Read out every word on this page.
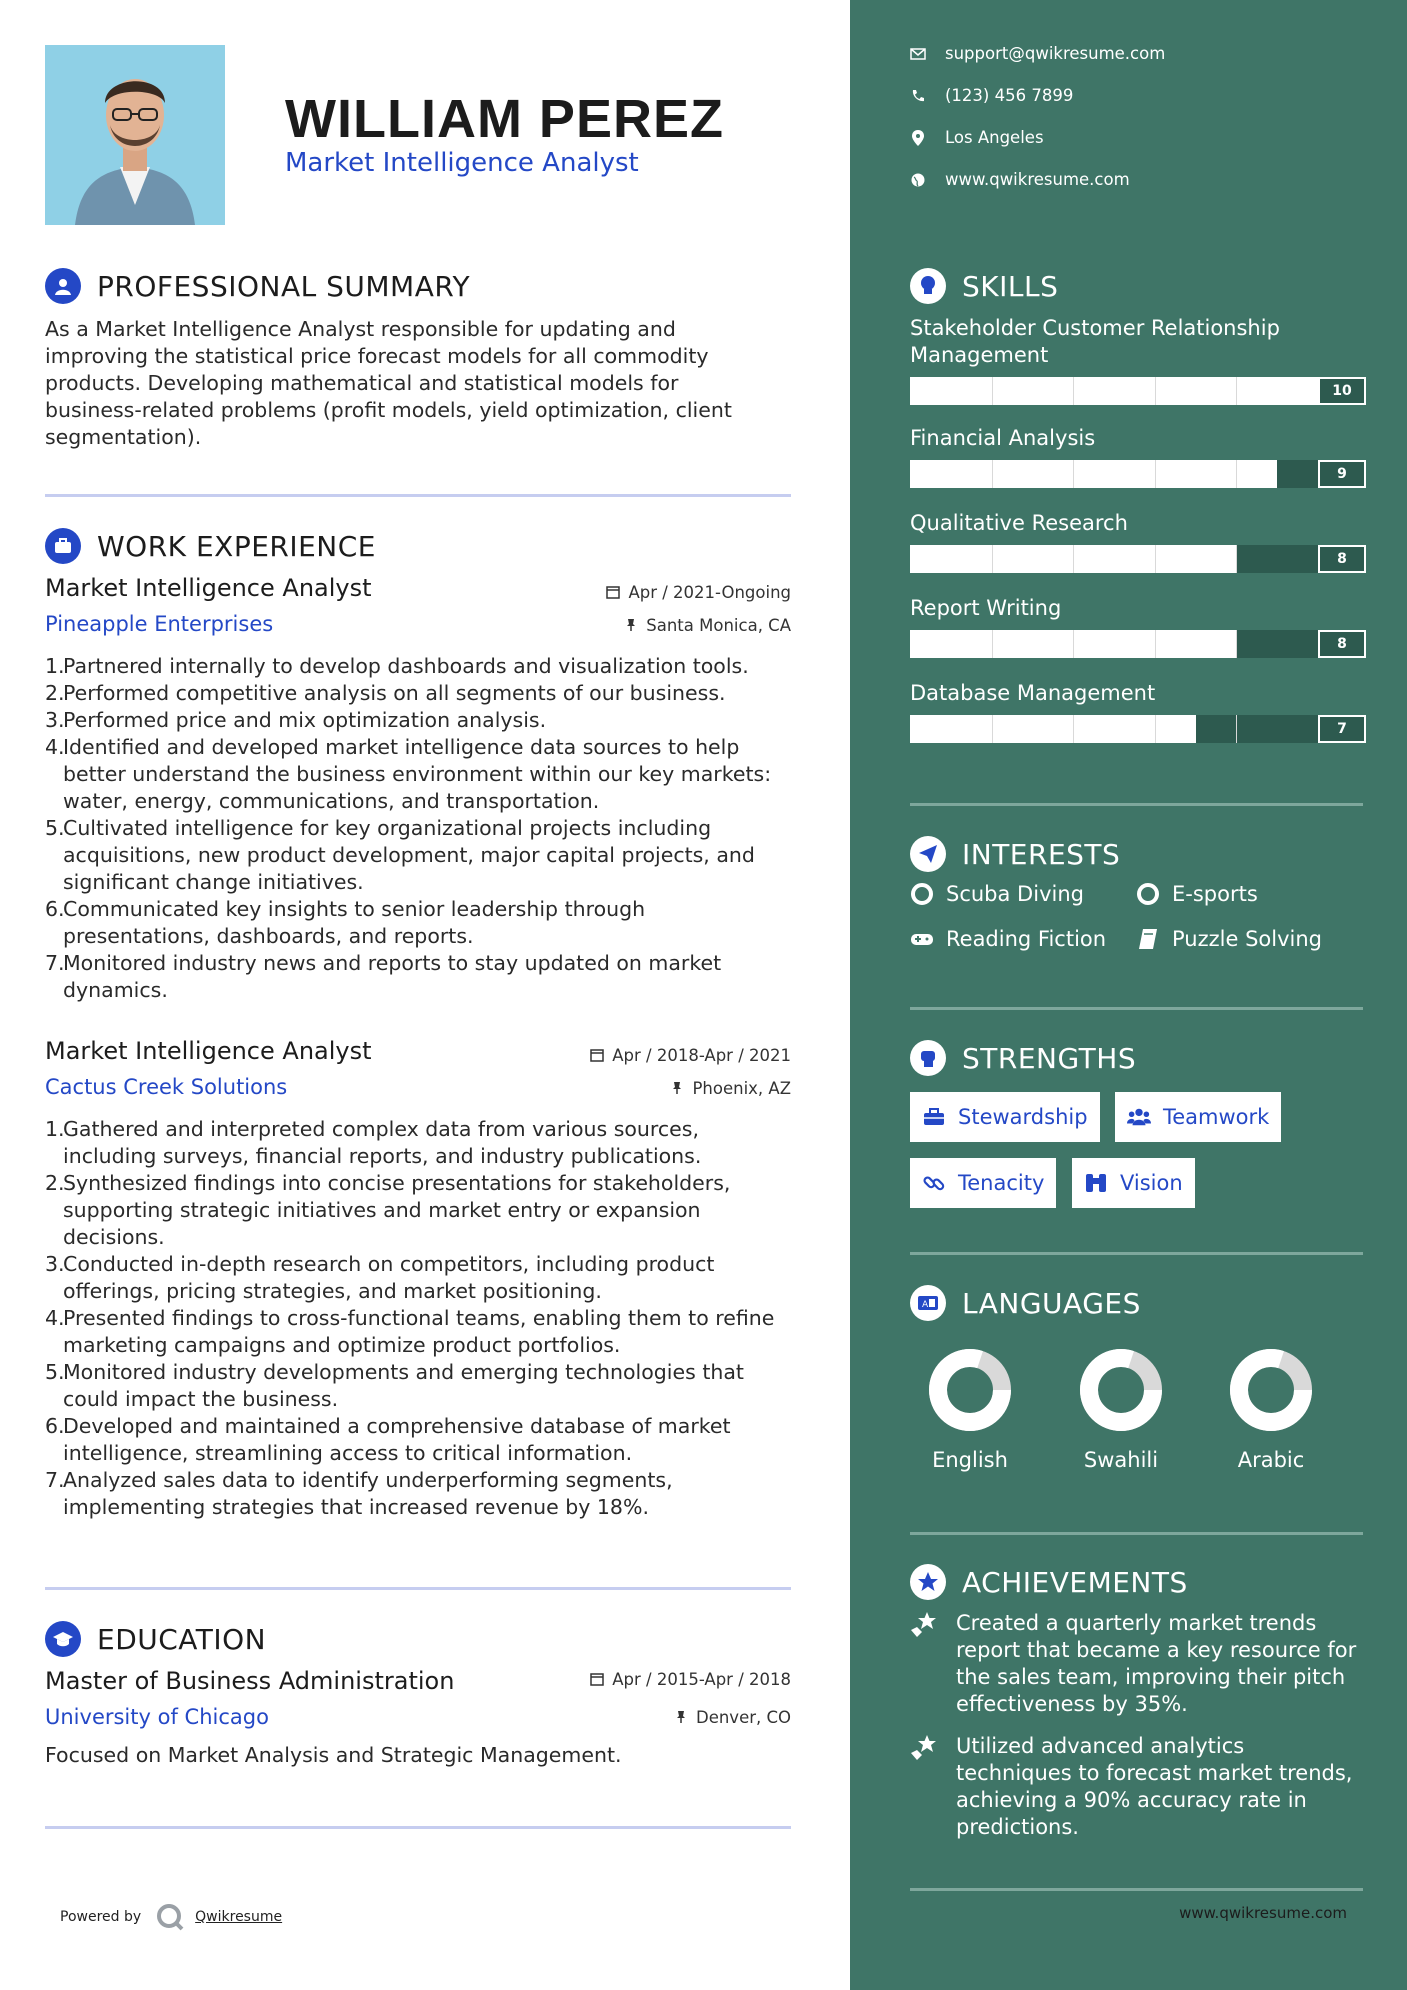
WILLIAM PEREZ
Market Intelligence Analyst
PROFESSIONAL SUMMARY
As a Market Intelligence Analyst responsible for updating and
improving the statistical price forecast models for all commodity
products. Developing mathematical and statistical models for
business-related problems (profit models, yield optimization, client
segmentation).
WORK EXPERIENCE
Market Intelligence Analyst	Apr / 2021-Ongoing
Pineapple Enterprises	Santa Monica, CA
1.
Partnered internally to develop dashboards and visualization tools.
2.
Performed competitive analysis on all segments of our business.
3.
Performed price and mix optimization analysis.
4.
Identified and developed market intelligence data sources to help
better understand the business environment within our key markets:
water, energy, communications, and transportation.
5.
Cultivated intelligence for key organizational projects including
acquisitions, new product development, major capital projects, and
significant change initiatives.
6.
Communicated key insights to senior leadership through
presentations, dashboards, and reports.
7.
Monitored industry news and reports to stay updated on market
dynamics.
Market Intelligence Analyst	Apr / 2018-Apr / 2021
Cactus Creek Solutions	Phoenix, AZ
1.
Gathered and interpreted complex data from various sources,
including surveys, financial reports, and industry publications.
2.
Synthesized findings into concise presentations for stakeholders,
supporting strategic initiatives and market entry or expansion
decisions.
3.
Conducted in-depth research on competitors, including product
offerings, pricing strategies, and market positioning.
4.
Presented findings to cross-functional teams, enabling them to refine
marketing campaigns and optimize product portfolios.
5.
Monitored industry developments and emerging technologies that
could impact the business.
6.
Developed and maintained a comprehensive database of market
intelligence, streamlining access to critical information.
7.
Analyzed sales data to identify underperforming segments,
implementing strategies that increased revenue by 18%.
EDUCATION
Master of Business Administration	Apr / 2015-Apr / 2018
University of Chicago	Denver, CO
Focused on Market Analysis and Strategic Management.
Powered by	Qwikresume
support@qwikresume.com
(123) 456 7899
Los Angeles
www.qwikresume.com
SKILLS
Stakeholder Customer Relationship
Management
10
Financial Analysis
9
Qualitative Research
8
Report Writing
8
Database Management
7
INTERESTS
Scuba Diving	E-sports
Reading Fiction	Puzzle Solving
STRENGTHS
Stewardship	Teamwork
Tenacity	Vision
A LANGUAGES
English	Swahili	Arabic
ACHIEVEMENTS
Created a quarterly market trends
report that became a key resource for
the sales team, improving their pitch
effectiveness by 35%.
Utilized advanced analytics
techniques to forecast market trends,
achieving a 90% accuracy rate in
predictions.
www.qwikresume.com
